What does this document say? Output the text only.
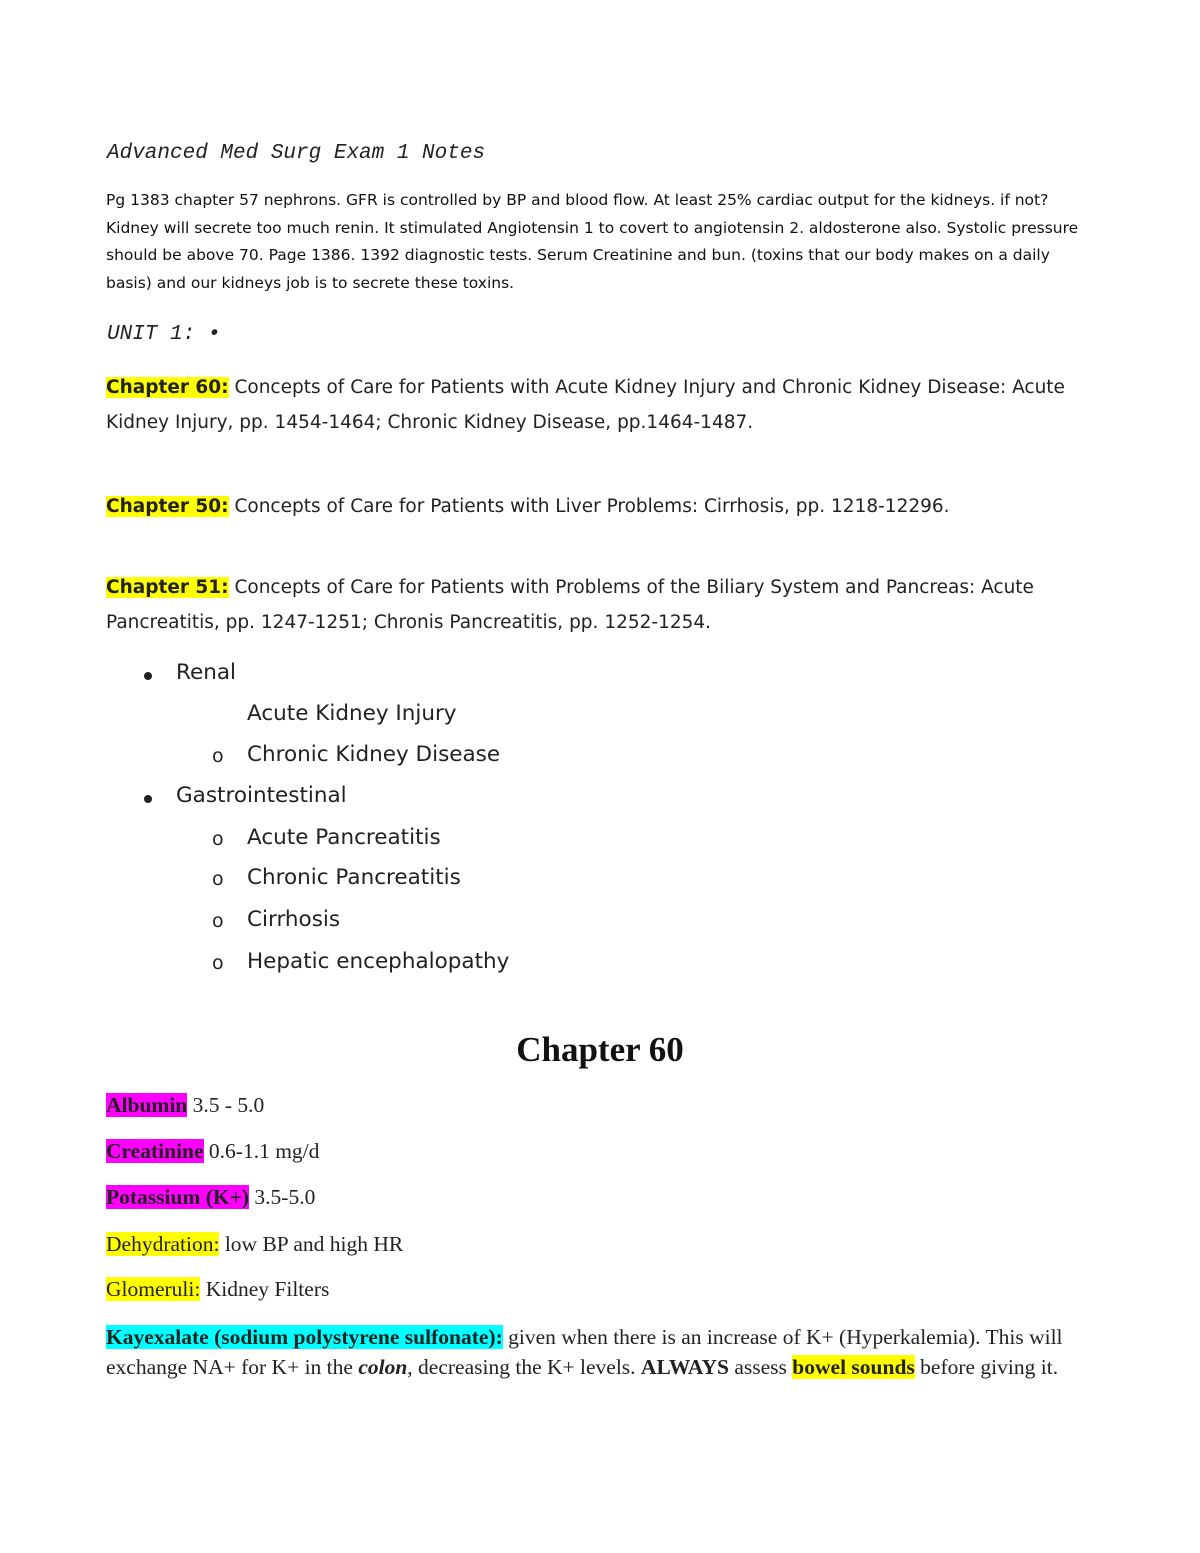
Advanced Med Surg Exam 1 Notes
Pg 1383 chapter 57 nephrons. GFR is controlled by BP and blood flow. At least 25% cardiac output for the kidneys. if not? Kidney will secrete too much renin. It stimulated Angiotensin 1 to covert to angiotensin 2. aldosterone also. Systolic pressure should be above 70. Page 1386. 1392 diagnostic tests. Serum Creatinine and bun. (toxins that our body makes on a daily basis) and our kidneys job is to secrete these toxins.
UNIT 1: •
Chapter 60: Concepts of Care for Patients with Acute Kidney Injury and Chronic Kidney Disease: Acute Kidney Injury, pp. 1454-1464; Chronic Kidney Disease, pp.1464-1487.
Chapter 50: Concepts of Care for Patients with Liver Problems: Cirrhosis, pp. 1218-12296.
Chapter 51: Concepts of Care for Patients with Problems of the Biliary System and Pancreas: Acute Pancreatitis, pp. 1247-1251; Chronis Pancreatitis, pp. 1252-1254.
Renal
Acute Kidney Injury
o Chronic Kidney Disease
Gastrointestinal
o Acute Pancreatitis
o Chronic Pancreatitis
o Cirrhosis
o Hepatic encephalopathy
Chapter 60
Albumin 3.5 - 5.0
Creatinine 0.6-1.1 mg/d
Potassium (K+) 3.5-5.0
Dehydration: low BP and high HR
Glomeruli: Kidney Filters
Kayexalate (sodium polystyrene sulfonate): given when there is an increase of K+ (Hyperkalemia). This will exchange NA+ for K+ in the colon, decreasing the K+ levels. ALWAYS assess bowel sounds before giving it.
